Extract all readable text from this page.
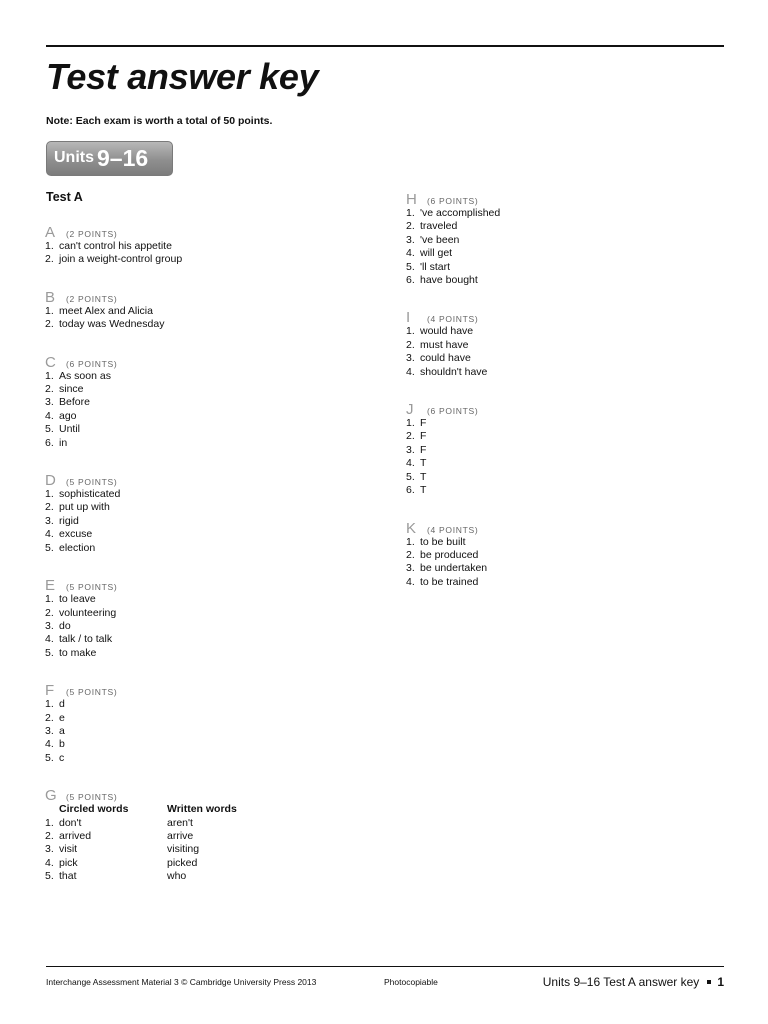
Test answer key
Note: Each exam is worth a total of 50 points.
Units 9–16
Test A
A	(2 POINTS)
1. can't control his appetite
2. join a weight-control group
B	(2 POINTS)
1. meet Alex and Alicia
2. today was Wednesday
C	(6 POINTS)
1. As soon as
2. since
3. Before
4. ago
5. Until
6. in
D	(5 POINTS)
1. sophisticated
2. put up with
3. rigid
4. excuse
5. election
E	(5 POINTS)
1. to leave
2. volunteering
3. do
4. talk / to talk
5. to make
F	(5 POINTS)
1. d
2. e
3. a
4. b
5. c
G	(5 POINTS)
Circled words	Written words
1. don't	aren't
2. arrived	arrive
3. visit	visiting
4. pick	picked
5. that	who
H	(6 POINTS)
1. 've accomplished
2. traveled
3. 've been
4. will get
5. 'll start
6. have bought
I	(4 POINTS)
1. would have
2. must have
3. could have
4. shouldn't have
J	(6 POINTS)
1. F
2. F
3. F
4. T
5. T
6. T
K	(4 POINTS)
1. to be built
2. be produced
3. be undertaken
4. to be trained
Interchange Assessment Material 3 © Cambridge University Press 2013	Photocopiable	Units 9–16 Test A answer key 1
